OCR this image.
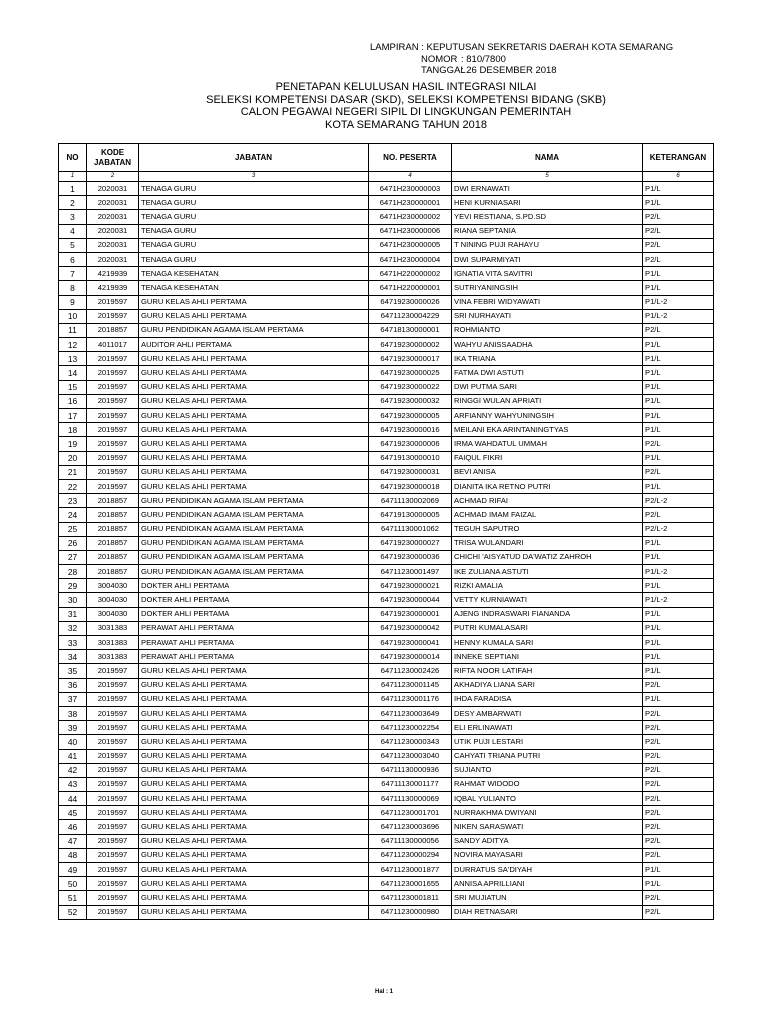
LAMPIRAN : KEPUTUSAN SEKRETARIS DAERAH KOTA SEMARANG
NOMOR : 810/7800
TANGGAL
: 26 DESEMBER 2018
PENETAPAN KELULUSAN HASIL INTEGRASI NILAI
SELEKSI KOMPETENSI DASAR (SKD), SELEKSI KOMPETENSI BIDANG (SKB)
CALON PEGAWAI NEGERI SIPIL DI LINGKUNGAN PEMERINTAH
KOTA SEMARANG TAHUN 2018
NO	KODE JABATAN	JABATAN	NO. PESERTA	NAMA	KETERANGAN
1	2	3	4	5	6
1	2020031	TENAGA GURU	6471H230000003	DWI ERNAWATI	P1/L
2	2020031	TENAGA GURU	6471H230000001	HENI KURNIASARI	P1/L
3	2020031	TENAGA GURU	6471H230000002	YEVI RESTIANA, S.PD.SD	P2/L
4	2020031	TENAGA GURU	6471H230000006	RIANA SEPTANIA	P2/L
5	2020031	TENAGA GURU	6471H230000005	T NINING PUJI RAHAYU	P2/L
6	2020031	TENAGA GURU	6471H230000004	DWI SUPARMIYATI	P2/L
7	4219939	TENAGA KESEHATAN	6471H220000002	IGNATIA VITA SAVITRI	P1/L
8	4219939	TENAGA KESEHATAN	6471H220000001	SUTRIYANINGSIH	P1/L
9	2019597	GURU KELAS AHLI PERTAMA	64719230000026	VINA FEBRI WIDYAWATI	P1/L-2
10	2019597	GURU KELAS AHLI PERTAMA	64711230004229	SRI NURHAYATI	P1/L-2
11	2018857	GURU PENDIDIKAN AGAMA ISLAM PERTAMA	64718130000001	ROHMIANTO	P2/L
12	4011017	AUDITOR AHLI PERTAMA	64719230000002	WAHYU ANISSAADHA	P1/L
13	2019597	GURU KELAS AHLI PERTAMA	64719230000017	IKA TRIANA	P1/L
14	2019597	GURU KELAS AHLI PERTAMA	64719230000025	FATMA DWI ASTUTI	P1/L
15	2019597	GURU KELAS AHLI PERTAMA	64719230000022	DWI PUTMA SARI	P1/L
16	2019597	GURU KELAS AHLI PERTAMA	64719230000032	RINGGI WULAN APRIATI	P1/L
17	2019597	GURU KELAS AHLI PERTAMA	64719230000005	ARFIANNY WAHYUNINGSIH	P1/L
18	2019597	GURU KELAS AHLI PERTAMA	64719230000016	MEILANI EKA ARINTANINGTYAS	P1/L
19	2019597	GURU KELAS AHLI PERTAMA	64719230000006	IRMA WAHDATUL UMMAH	P2/L
20	2019597	GURU KELAS AHLI PERTAMA	64719130000010	FAIQUL FIKRI	P1/L
21	2019597	GURU KELAS AHLI PERTAMA	64719230000031	BEVI ANISA	P2/L
22	2019597	GURU KELAS AHLI PERTAMA	64719230000018	DIANITA IKA RETNO PUTRI	P1/L
23	2018857	GURU PENDIDIKAN AGAMA ISLAM PERTAMA	64711130002069	ACHMAD RIFAI	P2/L-2
24	2018857	GURU PENDIDIKAN AGAMA ISLAM PERTAMA	64719130000005	ACHMAD IMAM FAIZAL	P2/L
25	2018857	GURU PENDIDIKAN AGAMA ISLAM PERTAMA	64711130001062	TEGUH SAPUTRO	P2/L-2
26	2018857	GURU PENDIDIKAN AGAMA ISLAM PERTAMA	64719230000027	TRISA WULANDARI	P1/L
27	2018857	GURU PENDIDIKAN AGAMA ISLAM PERTAMA	64719230000036	CHICHI 'AISYATUD DA'WATIZ ZAHROH	P1/L
28	2018857	GURU PENDIDIKAN AGAMA ISLAM PERTAMA	64711230001497	IKE ZULIANA ASTUTI	P1/L-2
29	3004030	DOKTER AHLI PERTAMA	64719230000021	RIZKI AMALIA	P1/L
30	3004030	DOKTER AHLI PERTAMA	64719230000044	VETTY KURNIAWATI	P1/L-2
31	3004030	DOKTER AHLI PERTAMA	64719230000001	AJENG INDRASWARI FIANANDA	P1/L
32	3031383	PERAWAT AHLI PERTAMA	64719230000042	PUTRI KUMALASARI	P1/L
33	3031383	PERAWAT AHLI PERTAMA	64719230000041	HENNY KUMALA SARI	P1/L
34	3031383	PERAWAT AHLI PERTAMA	64719230000014	INNEKE SEPTIANI	P1/L
35	2019597	GURU KELAS AHLI PERTAMA	64711230002426	RIFTA NOOR LATIFAH	P1/L
36	2019597	GURU KELAS AHLI PERTAMA	64711230001145	AKHADIYA LIANA SARI	P2/L
37	2019597	GURU KELAS AHLI PERTAMA	64711230001176	IHDA FARADISA	P1/L
38	2019597	GURU KELAS AHLI PERTAMA	64711230003649	DESY AMBARWATI	P2/L
39	2019597	GURU KELAS AHLI PERTAMA	64711230002254	ELI ERLINAWATI	P2/L
40	2019597	GURU KELAS AHLI PERTAMA	64711230000343	UTIK PUJI LESTARI	P2/L
41	2019597	GURU KELAS AHLI PERTAMA	64711230003040	CAHYATI TRIANA PUTRI	P2/L
42	2019597	GURU KELAS AHLI PERTAMA	64711130000936	SUJIANTO	P2/L
43	2019597	GURU KELAS AHLI PERTAMA	64711130001177	RAHMAT WIDODO	P2/L
44	2019597	GURU KELAS AHLI PERTAMA	64711130000069	IQBAL YULIANTO	P2/L
45	2019597	GURU KELAS AHLI PERTAMA	64711230001701	NURRAKHMA DWIYANI	P2/L
46	2019597	GURU KELAS AHLI PERTAMA	64711230003696	NIKEN SARASWATI	P2/L
47	2019597	GURU KELAS AHLI PERTAMA	64711130000056	SANDY ADITYA	P2/L
48	2019597	GURU KELAS AHLI PERTAMA	64711230000294	NOVIRA MAYASARI	P2/L
49	2019597	GURU KELAS AHLI PERTAMA	64711230001877	DURRATUS SA'DIYAH	P1/L
50	2019597	GURU KELAS AHLI PERTAMA	64711230001655	ANNISA APRILLIANI	P1/L
51	2019597	GURU KELAS AHLI PERTAMA	64711230001811	SRI MUJIATUN	P2/L
52	2019597	GURU KELAS AHLI PERTAMA	64711230000980	DIAH RETNASARI	P2/L
Hal : 1
